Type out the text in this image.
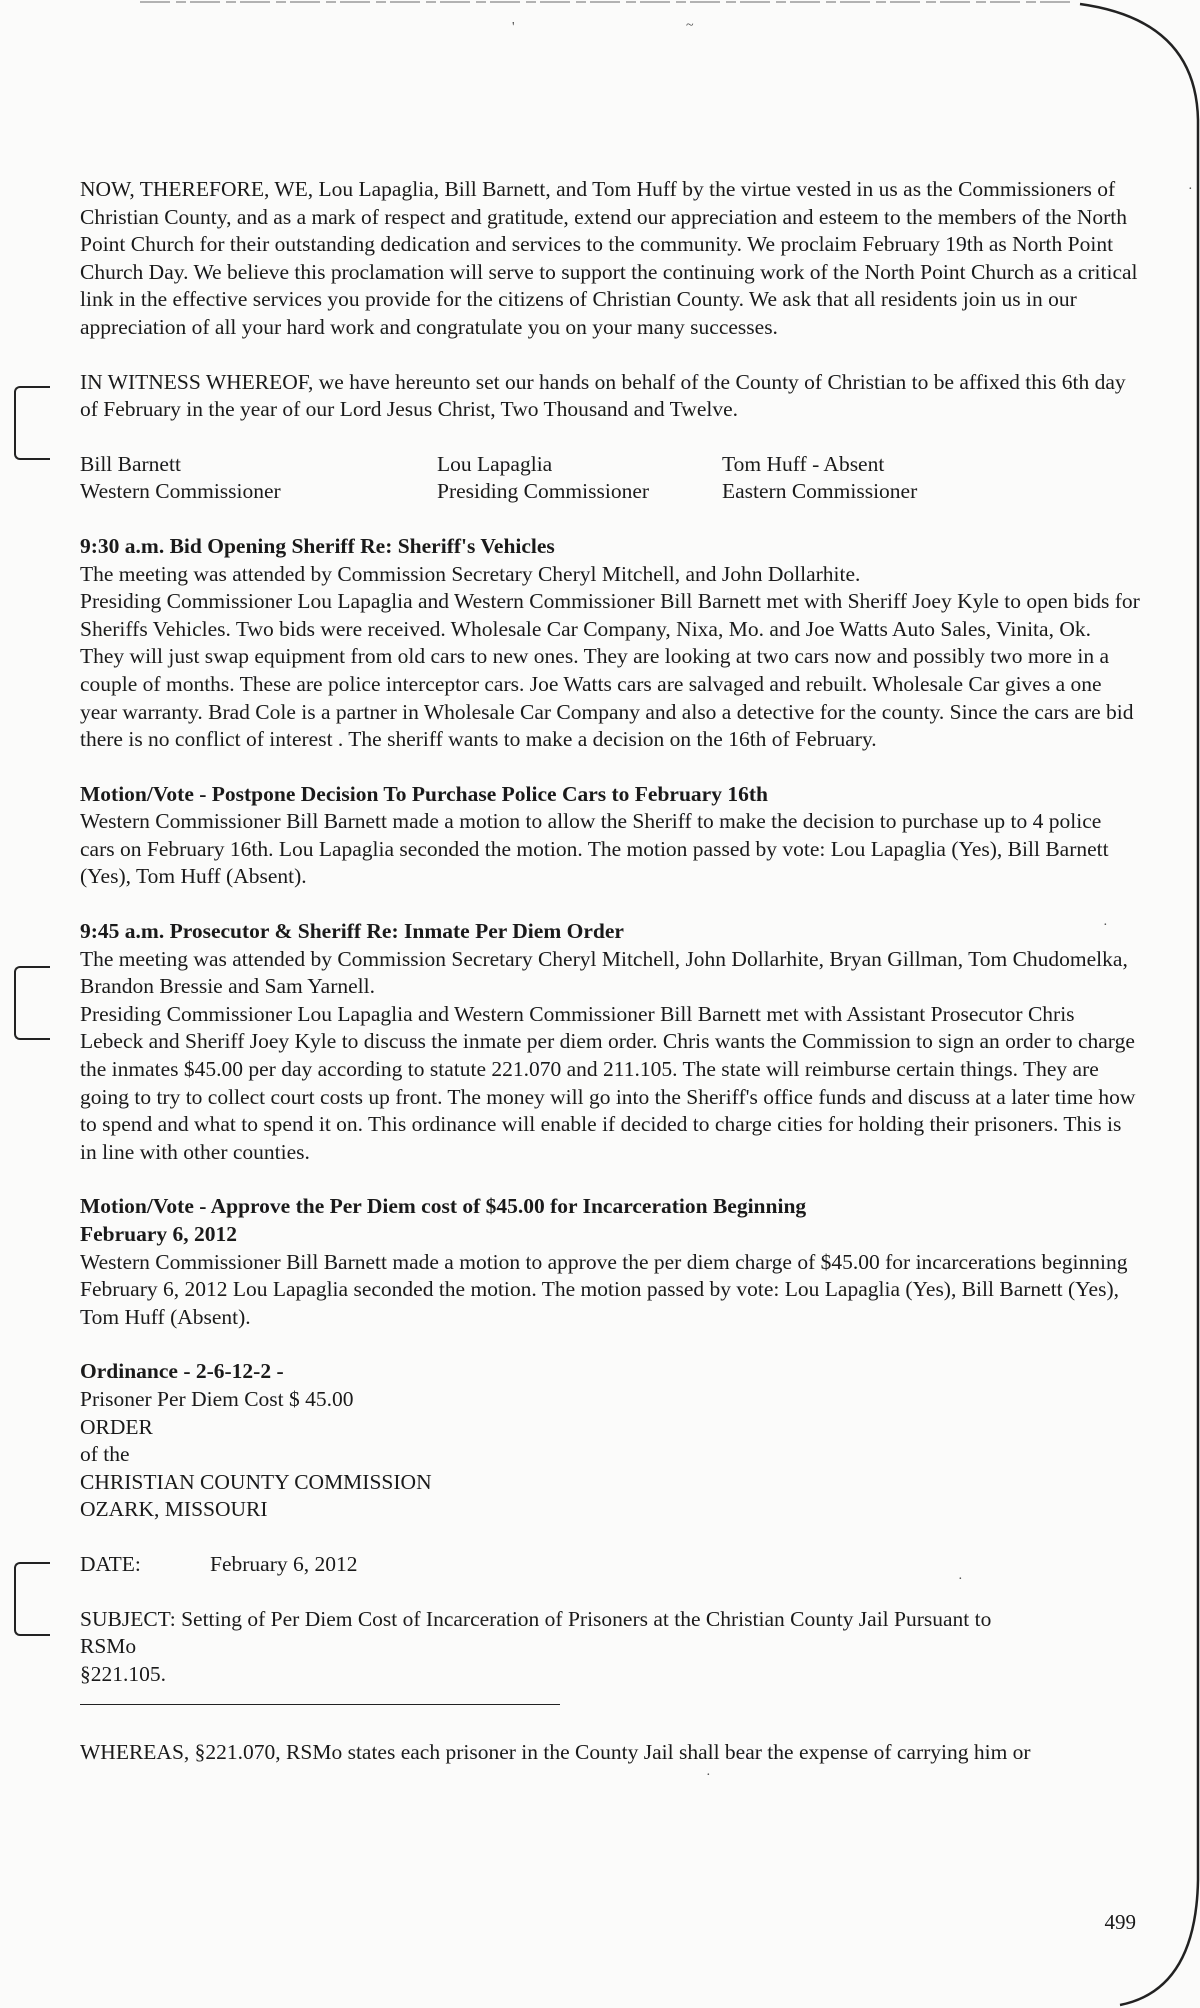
'	~
·
·
·
·

NOW, THEREFORE, WE, Lou Lapaglia, Bill Barnett, and Tom Huff by the virtue vested in us as the Commissioners of Christian County, and as a mark of respect and gratitude, extend our appreciation and esteem to the members of the North Point Church for their outstanding dedication and services to the community. We proclaim February 19th as North Point Church Day. We believe this proclamation will serve to support the continuing work of the North Point Church as a critical link in the effective services you provide for the citizens of Christian County. We ask that all residents join us in our appreciation of all your hard work and congratulate you on your many successes.

IN WITNESS WHEREOF, we have hereunto set our hands on behalf of the County of Christian to be affixed this 6th day of February in the year of our Lord Jesus Christ, Two Thousand and Twelve.

Bill Barnett
Western Commissioner
Lou Lapaglia
Presiding Commissioner
Tom Huff - Absent
Eastern Commissioner

9:30 a.m. Bid Opening Sheriff Re: Sheriff's Vehicles

The meeting was attended by Commission Secretary Cheryl Mitchell, and John Dollarhite.

Presiding Commissioner Lou Lapaglia and Western Commissioner Bill Barnett met with Sheriff Joey Kyle to open bids for Sheriffs Vehicles. Two bids were received. Wholesale Car Company, Nixa, Mo. and Joe Watts Auto Sales, Vinita, Ok. They will just swap equipment from old cars to new ones. They are looking at two cars now and possibly two more in a couple of months. These are police interceptor cars. Joe Watts cars are salvaged and rebuilt. Wholesale Car gives a one year warranty. Brad Cole is a partner in Wholesale Car Company and also a detective for the county. Since the cars are bid there is no conflict of interest . The sheriff wants to make a decision on the 16th of February.

Motion/Vote - Postpone Decision To Purchase Police Cars to February 16th

Western Commissioner Bill Barnett made a motion to allow the Sheriff to make the decision to purchase up to 4 police cars on February 16th. Lou Lapaglia seconded the motion. The motion passed by vote: Lou Lapaglia (Yes), Bill Barnett (Yes), Tom Huff (Absent).

9:45 a.m. Prosecutor & Sheriff Re: Inmate Per Diem Order

The meeting was attended by Commission Secretary Cheryl Mitchell, John Dollarhite, Bryan Gillman, Tom Chudomelka, Brandon Bressie and Sam Yarnell.

Presiding Commissioner Lou Lapaglia and Western Commissioner Bill Barnett met with Assistant Prosecutor Chris Lebeck and Sheriff Joey Kyle to discuss the inmate per diem order. Chris wants the Commission to sign an order to charge the inmates $45.00 per day according to statute 221.070 and 211.105. The state will reimburse certain things. They are going to try to collect court costs up front. The money will go into the Sheriff's office funds and discuss at a later time how to spend and what to spend it on. This ordinance will enable if decided to charge cities for holding their prisoners. This is in line with other counties.

Motion/Vote - Approve the Per Diem cost of $45.00 for Incarceration Beginning

February 6, 2012

Western Commissioner Bill Barnett made a motion to approve the per diem charge of $45.00 for incarcerations beginning February 6, 2012 Lou Lapaglia seconded the motion. The motion passed by vote: Lou Lapaglia (Yes), Bill Barnett (Yes), Tom Huff (Absent).

Ordinance - 2-6-12-2 -

Prisoner Per Diem Cost $ 45.00

ORDER

of the

CHRISTIAN COUNTY COMMISSION

OZARK, MISSOURI

DATE:	February 6, 2012

SUBJECT: Setting of Per Diem Cost of Incarceration of Prisoners at the Christian County Jail Pursuant to

RSMo

§221.105.

WHEREAS, §221.070, RSMo states each prisoner in the County Jail shall bear the expense of carrying him or

499
